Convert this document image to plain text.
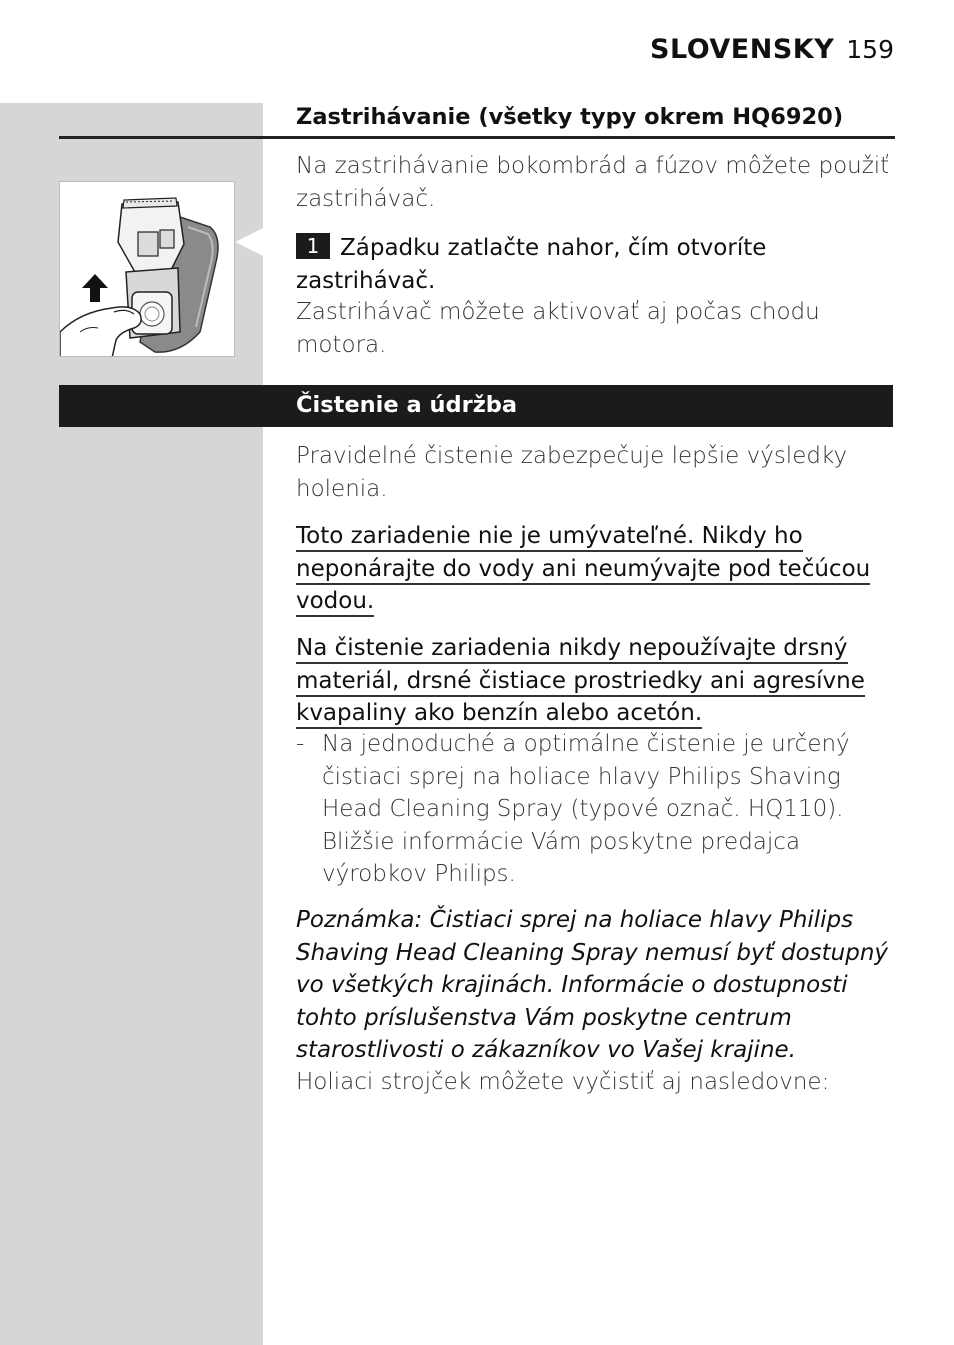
SLOVENSKY 159
Zastrihávanie (všetky typy okrem HQ6920)

Na zastrihávanie bokombrád a fúzov môžete použiť zastrihávač.

1 Západku zatlačte nahor, čím otvoríte zastrihávač.

Zastrihávač môžete aktivovať aj počas chodu motora.

Čistenie a údržba

Pravidelné čistenie zabezpečuje lepšie výsledky holenia.

Toto zariadenie nie je umývateľné. Nikdy ho neponárajte do vody ani neumývajte pod tečúcou vodou.
Na čistenie zariadenia nikdy nepoužívajte drsný materiál, drsné čistiace prostriedky ani agresívne kvapaliny ako benzín alebo acetón.
- Na jednoduché a optimálne čistenie je určený čistiaci sprej na holiace hlavy Philips Shaving Head Cleaning Spray (typové označ. HQ110). Bližšie informácie Vám poskytne predajca výrobkov Philips.
Poznámka: Čistiaci sprej na holiace hlavy Philips Shaving Head Cleaning Spray nemusí byť dostupný vo všetkých krajinách. Informácie o dostupnosti tohto príslušenstva Vám poskytne centrum starostlivosti o zákazníkov vo Vašej krajine.

Holiaci strojček môžete vyčistiť aj nasledovne:
